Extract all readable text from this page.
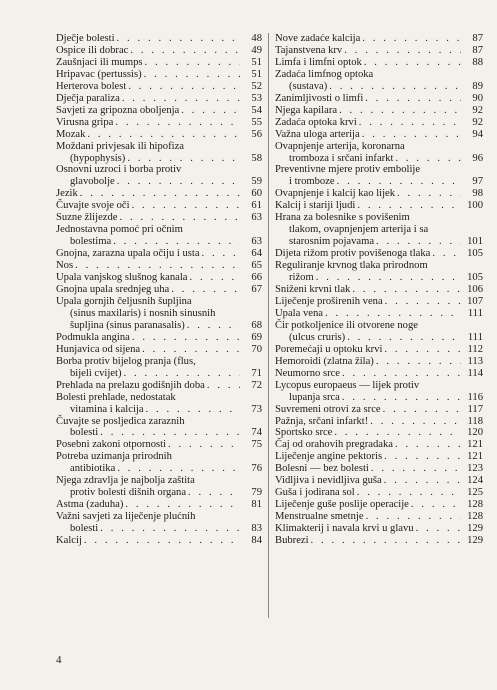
Dječje bolesti . . .	48
Ospice ili dobrac . . .	49
Zaušnjaci ili mumps . . .	51
Hripavac (pertussis) . . .	51
Herterova bolest . . .	52
Dječja paraliza . . .	53
Savjeti za gripozna oboljenja . . .	54
Virusna gripa . . .	55
Mozak . . .	56
Moždani privjesak ili hipofiza
(hypophysis) . . .	58
Osnovni uzroci i borba protiv
glavobolje . . .	59
Jezik . . .	60
Čuvajte svoje oči . . .	61
Suzne žlijezde . . .	63
Jednostavna pomoć pri očnim
bolestima . . .	63
Gnojna, zarazna upala očiju i usta . . .	64
Nos . . .	65
Upala vanjskog slušnog kanala . . .	66
Gnojna upala srednjeg uha . . .	67
Upala gornjih čeljusnih šupljina
(sinus maxilaris) i nosnih sinusnih
šupljina (sinus paranasalis) . . .	68
Podmukla angina . . .	69
Hunjavica od sijena . . .	70
Borba protiv bijelog pranja (flus,
bijeli cvijet) . . .	71
Prehlada na prelazu godišnjih doba . . .	72
Bolesti prehlade, nedostatak
vitamina i kalcija . . .	73
Čuvajte se posljedica zaraznih
bolesti . . .	74
Posebni zakoni otpornosti . . .	75
Potreba uzimanja prirodnih
antibiotika . . .	76
Njega zdravlja je najbolja zaštita
protiv bolesti dišnih organa . . .	79
Astma (zaduha) . . .	81
Važni savjeti za liječenje plućnih
bolesti . . .	83
Kalcij . . .	84
Nove zadaće kalcija . . .	87
Tajanstvena krv . . .	87
Limfa i limfni optok . . .	88
Zadaća limfnog optoka
(sustava) . . .	89
Zanimljivosti o limfi . . .	90
Njega kapilara . . .	92
Zadaća optoka krvi . . .	92
Važna uloga arterija . . .	94
Ovapnjenje arterija, koronarna
tromboza i srčani infarkt . . .	96
Preventivne mjere protiv embolije
i tromboze . . .	97
Ovapnjenje i kalcij kao lijek . . .	98
Kalcij i stariji ljudi . . .	100
Hrana za bolesnike s povišenim
tlakom, ovapnjenjem arterija i sa
starosnim pojavama . . .	101
Dijeta rižom protiv povišenoga tlaka . . .	105
Reguliranje krvnog tlaka prirodnom
rižom . . .	105
Sniženi krvni tlak . . .	106
Liječenje proširenih vena . . .	107
Upala vena . . .	111
Čir potkoljenice ili otvorene noge
(ulcus cruris) . . .	111
Poremećaji u optoku krvi . . .	112
Hemoroidi (zlatna žila) . . .	113
Neumorno srce . . .	114
Lycopus europaeus — lijek protiv
lupanja srca . . .	116
Suvremeni otrovi za srce . . .	117
Pažnja, srčani infarkt! . . .	118
Sportsko srce . . .	120
Čaj od orahovih pregradaka . . .	121
Liječenje angine pektoris . . .	121
Bolesni — bez bolesti . . .	123
Vidljiva i nevidljiva guša . . .	124
Guša i jodirana sol . . .	125
Liječenje guše poslije operacije . . .	128
Menstrualne smetnje . . .	128
Klimakterij i navala krvi u glavu . . .	129
Bubrezi . . .	129
4
